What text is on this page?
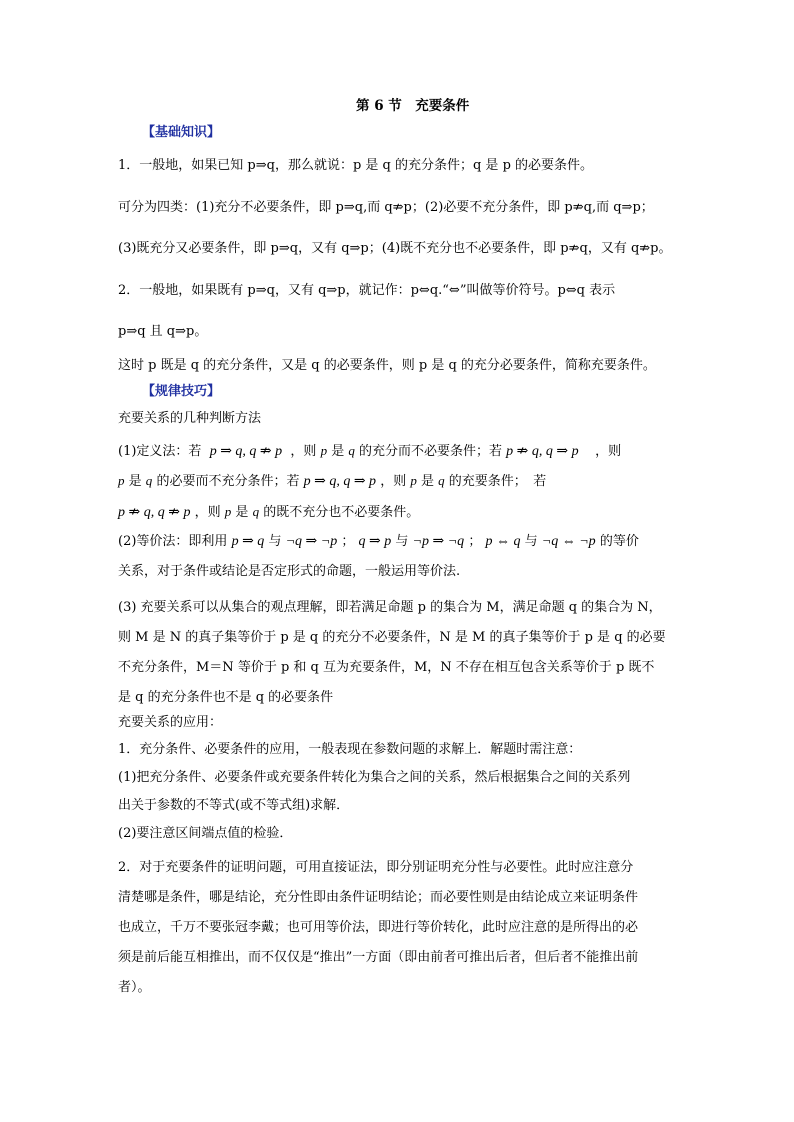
第 6 节　充要条件
【基础知识】
1．一般地，如果已知 p⇒q，那么就说：p 是 q 的充分条件；q 是 p 的必要条件。
可分为四类：(1)充分不必要条件，即 p⇒q,而 q⇏p；(2)必要不充分条件，即 p⇏q,而 q⇒p；
(3)既充分又必要条件，即 p⇒q，又有 q⇒p；(4)既不充分也不必要条件，即 p⇏q，又有 q⇏p。
2．一般地，如果既有 p⇒q，又有 q⇒p，就记作：p⇔q.“⇔”叫做等价符号。p⇔q 表示
p⇒q 且 q⇒p。
这时 p 既是 q 的充分条件，又是 q 的必要条件，则 p 是 q 的充分必要条件，简称充要条件。
【规律技巧】
充要关系的几种判断方法
(1)定义法：若 p ⇒ q, q ⇏ p ，则 p 是 q 的充分而不必要条件；若 p ⇏ q, q ⇒ p ，则
p 是 q 的必要而不充分条件；若 p ⇒ q, q ⇒ p ，则 p 是 q 的充要条件；　若
p ⇏ q, q ⇏ p ，则 p 是 q 的既不充分也不必要条件。
(2)等价法：即利用 p ⇒ q 与 ¬q ⇒ ¬p ； q ⇒ p 与 ¬p ⇒ ¬q ； p ⇔ q 与 ¬q ⇔ ¬p 的等价
关系，对于条件或结论是否定形式的命题，一般运用等价法.
(3) 充要关系可以从集合的观点理解，即若满足命题 p 的集合为 M，满足命题 q 的集合为 N，
则 M 是 N 的真子集等价于 p 是 q 的充分不必要条件，N 是 M 的真子集等价于 p 是 q 的必要
不充分条件，M＝N 等价于 p 和 q 互为充要条件，M，N 不存在相互包含关系等价于 p 既不
是 q 的充分条件也不是 q 的必要条件
充要关系的应用：
1．充分条件、必要条件的应用，一般表现在参数问题的求解上．解题时需注意：
(1)把充分条件、必要条件或充要条件转化为集合之间的关系，然后根据集合之间的关系列
出关于参数的不等式(或不等式组)求解．
(2)要注意区间端点值的检验．
2．对于充要条件的证明问题，可用直接证法，即分别证明充分性与必要性。此时应注意分
清楚哪是条件，哪是结论，充分性即由条件证明结论；而必要性则是由结论成立来证明条件
也成立，千万不要张冠李戴；也可用等价法，即进行等价转化，此时应注意的是所得出的必
须是前后能互相推出，而不仅仅是“推出”一方面（即由前者可推出后者，但后者不能推出前
者）。
